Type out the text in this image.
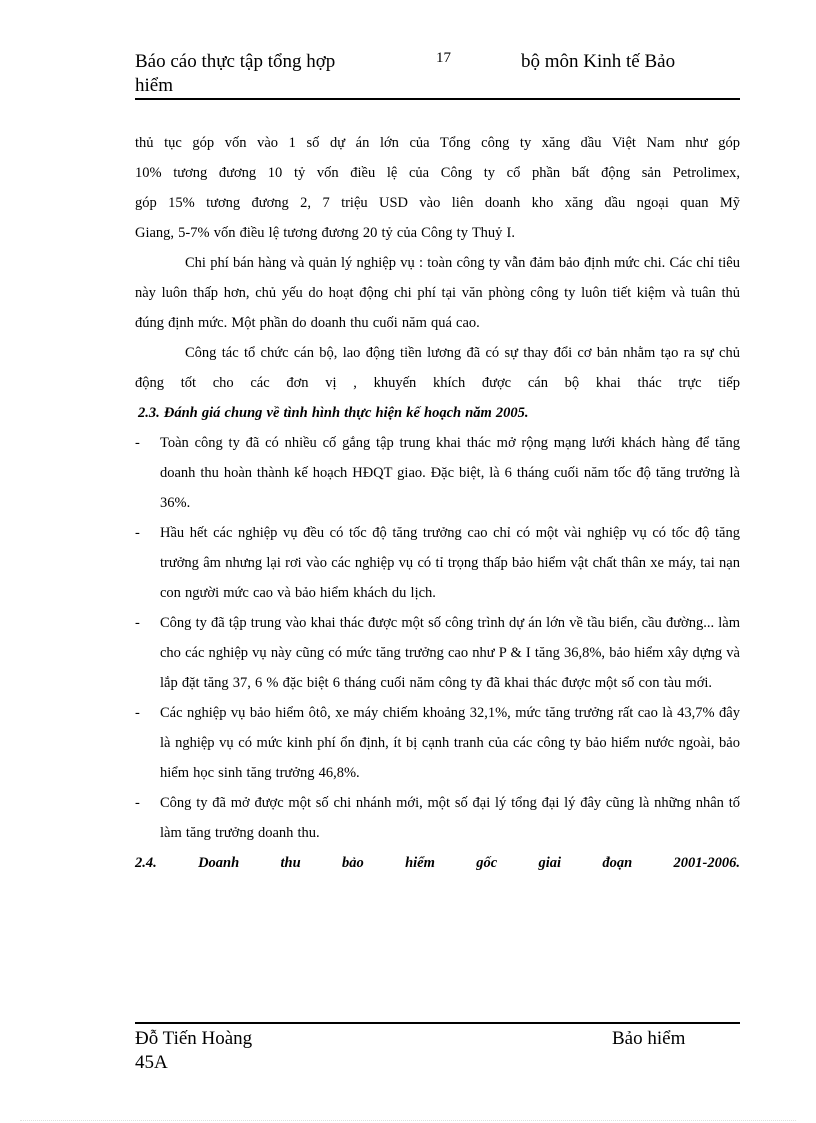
Báo cáo thực tập tổng hợp
hiểm
17	bộ môn Kinh tế Bảo

thủ tục góp vốn vào 1 số dự án lớn của Tổng công ty xăng dầu Việt Nam như góp

10% tương đương 10 tỷ vốn điều lệ của Công ty cổ phần bất động sản Petrolimex,

góp 15% tương đương 2, 7 triệu USD vào liên doanh kho xăng dầu ngoại quan Mỹ

Giang, 5-7% vốn điều lệ tương đương 20 tỷ của Công ty Thuỷ I.

Chi phí bán hàng và quản lý nghiệp vụ : toàn công ty vẫn đảm bảo định mức chi. Các chỉ tiêu này luôn thấp hơn, chủ yếu do hoạt động chi phí tại văn phòng công ty luôn tiết kiệm và tuân thủ đúng định mức. Một phần do doanh thu cuối năm quá cao.

Công tác tổ chức cán bộ, lao động tiền lương đã có sự thay đổi cơ bản nhằm tạo ra sự chủ động tốt cho các đơn vị , khuyến khích được cán bộ khai thác trực tiếp

2.3. Đánh giá chung về tình hình thực hiện kế hoạch năm 2005.

- Toàn công ty đã có nhiều cố gắng tập trung khai thác mở rộng mạng lưới khách hàng để tăng doanh thu hoàn thành kế hoạch HĐQT giao. Đặc biệt, là 6 tháng cuối năm tốc độ tăng trưởng là 36%.
- Hầu hết các nghiệp vụ đều có tốc độ tăng trưởng cao chỉ có một vài nghiệp vụ có tốc độ tăng trưởng âm nhưng lại rơi vào các nghiệp vụ có tỉ trọng thấp bảo hiểm vật chất thân xe máy, tai nạn con người mức cao và bảo hiểm khách du lịch.
- Công ty đã tập trung vào khai thác được một số công trình dự án lớn về tầu biển, cầu đường... làm cho các nghiệp vụ này cũng có mức tăng trưởng cao như P & I tăng 36,8%, bảo hiểm xây dựng và lắp đặt tăng 37, 6 % đặc biệt 6 tháng cuối năm công ty đã khai thác được một số con tàu mới.
- Các nghiệp vụ bảo hiểm ôtô, xe máy chiếm khoảng 32,1%, mức tăng trưởng rất cao là 43,7% đây là nghiệp vụ có mức kinh phí ổn định, ít bị cạnh tranh của các công ty bảo hiểm nước ngoài, bảo hiểm học sinh tăng trưởng 46,8%.
- Công ty đã mở được một số chi nhánh mới, một số đại lý tổng đại lý đây cũng là những nhân tố làm tăng trưởng doanh thu.

2.4. Doanh thu bảo hiểm gốc giai đoạn 2001-2006.

Đỗ Tiến Hoàng
45A
Bảo hiểm
